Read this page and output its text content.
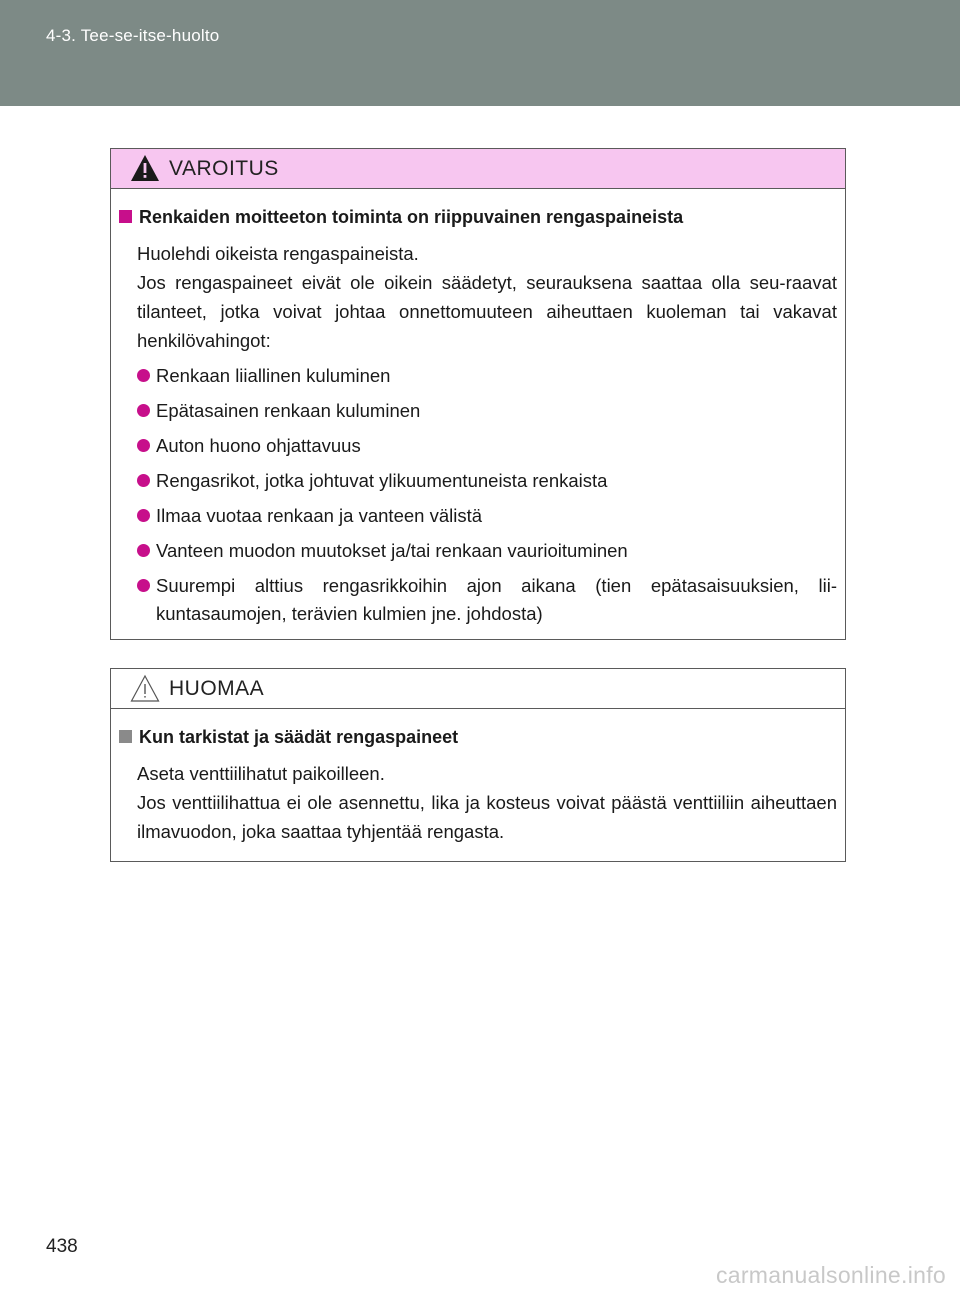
4-3. Tee-se-itse-huolto
VAROITUS
Renkaiden moitteeton toiminta on riippuvainen rengaspaineista
Huolehdi oikeista rengaspaineista.
Jos rengaspaineet eivät ole oikein säädetyt, seurauksena saattaa olla seu-raavat tilanteet, jotka voivat johtaa onnettomuuteen aiheuttaen kuoleman tai vakavat henkilövahingot:
Renkaan liiallinen kuluminen
Epätasainen renkaan kuluminen
Auton huono ohjattavuus
Rengasrikot, jotka johtuvat ylikuumentuneista renkaista
Ilmaa vuotaa renkaan ja vanteen välistä
Vanteen muodon muutokset ja/tai renkaan vaurioituminen
Suurempi alttius rengasrikkoihin ajon aikana (tien epätasaisuuksien, lii-kuntasaumojen, terävien kulmien jne. johdosta)
HUOMAA
Kun tarkistat ja säädät rengaspaineet
Aseta venttiilihatut paikoilleen.
Jos venttiilihattua ei ole asennettu, lika ja kosteus voivat päästä venttiiliin aiheuttaen ilmavuodon, joka saattaa tyhjentää rengasta.
438
carmanualsonline.info
